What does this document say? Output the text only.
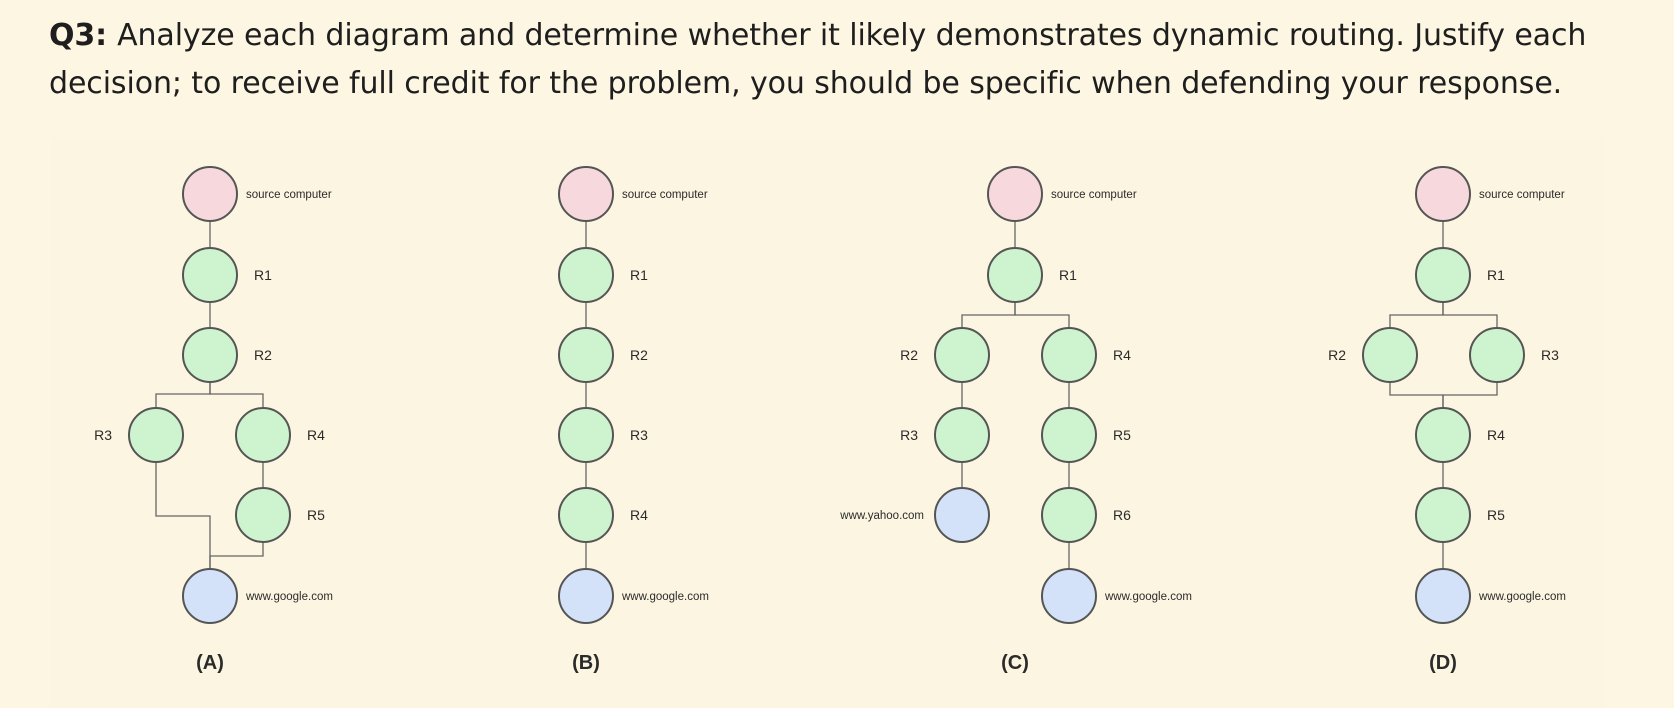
Q3: Analyze each diagram and determine whether it likely demonstrates dynamic routing. Justify each decision; to receive full credit for the problem, you should be specific when defending your response.
source computer
R1
R2
R3	R4
R5
www.google.com
(A)
source computer
R1
R2
R3
R4
www.google.com
(B)
source computer
R1
R2	R4
R3	R5
www.yahoo.com	R6
www.google.com
(C)
source computer
R1
R2	R3
R4
R5
www.google.com
(D)
